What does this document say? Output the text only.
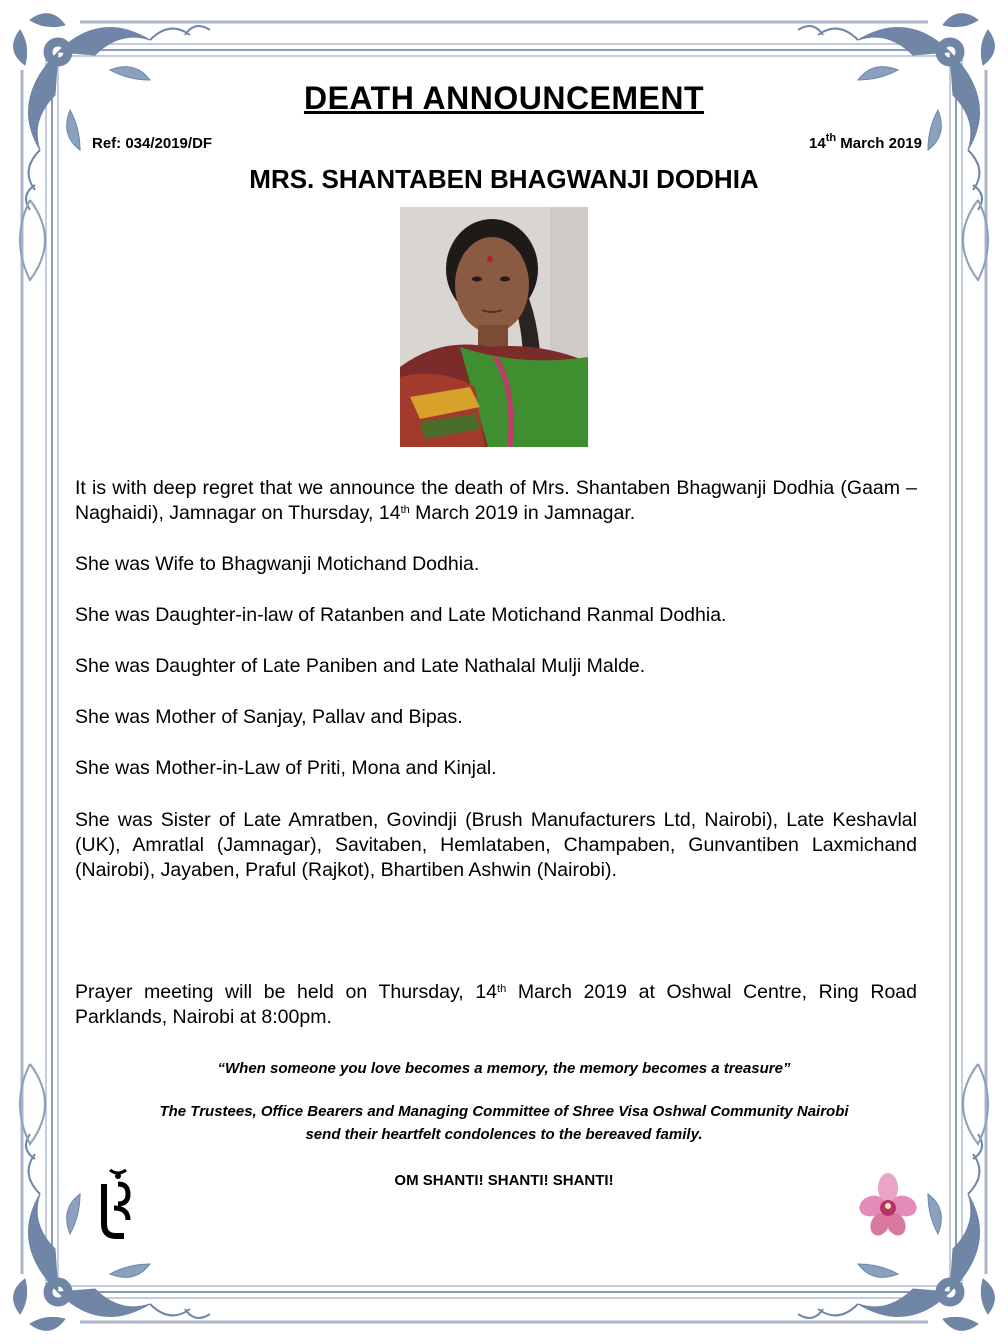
DEATH ANNOUNCEMENT
Ref: 034/2019/DF	14th March 2019
MRS. SHANTABEN BHAGWANJI DODHIA
It is with deep regret that we announce the death of Mrs. Shantaben Bhagwanji Dodhia (Gaam – Naghaidi), Jamnagar on Thursday, 14th March 2019 in Jamnagar.
She was Wife to Bhagwanji Motichand Dodhia.
She was Daughter-in-law of Ratanben and Late Motichand Ranmal Dodhia.
She was Daughter of Late Paniben and Late Nathalal Mulji Malde.
She was Mother of Sanjay, Pallav and Bipas.
She was Mother-in-Law of Priti, Mona and Kinjal.
She was Sister of Late Amratben, Govindji (Brush Manufacturers Ltd, Nairobi), Late Keshavlal (UK), Amratlal (Jamnagar), Savitaben, Hemlataben, Champaben, Gunvantiben Laxmichand (Nairobi), Jayaben, Praful (Rajkot), Bhartiben Ashwin (Nairobi).
Prayer meeting will be held on Thursday, 14th March 2019 at Oshwal Centre, Ring Road Parklands, Nairobi at 8:00pm.
“When someone you love becomes a memory, the memory becomes a treasure”
The Trustees, Office Bearers and Managing Committee of Shree Visa Oshwal Community Nairobi
send their heartfelt condolences to the bereaved family.
OM SHANTI! SHANTI! SHANTI!
